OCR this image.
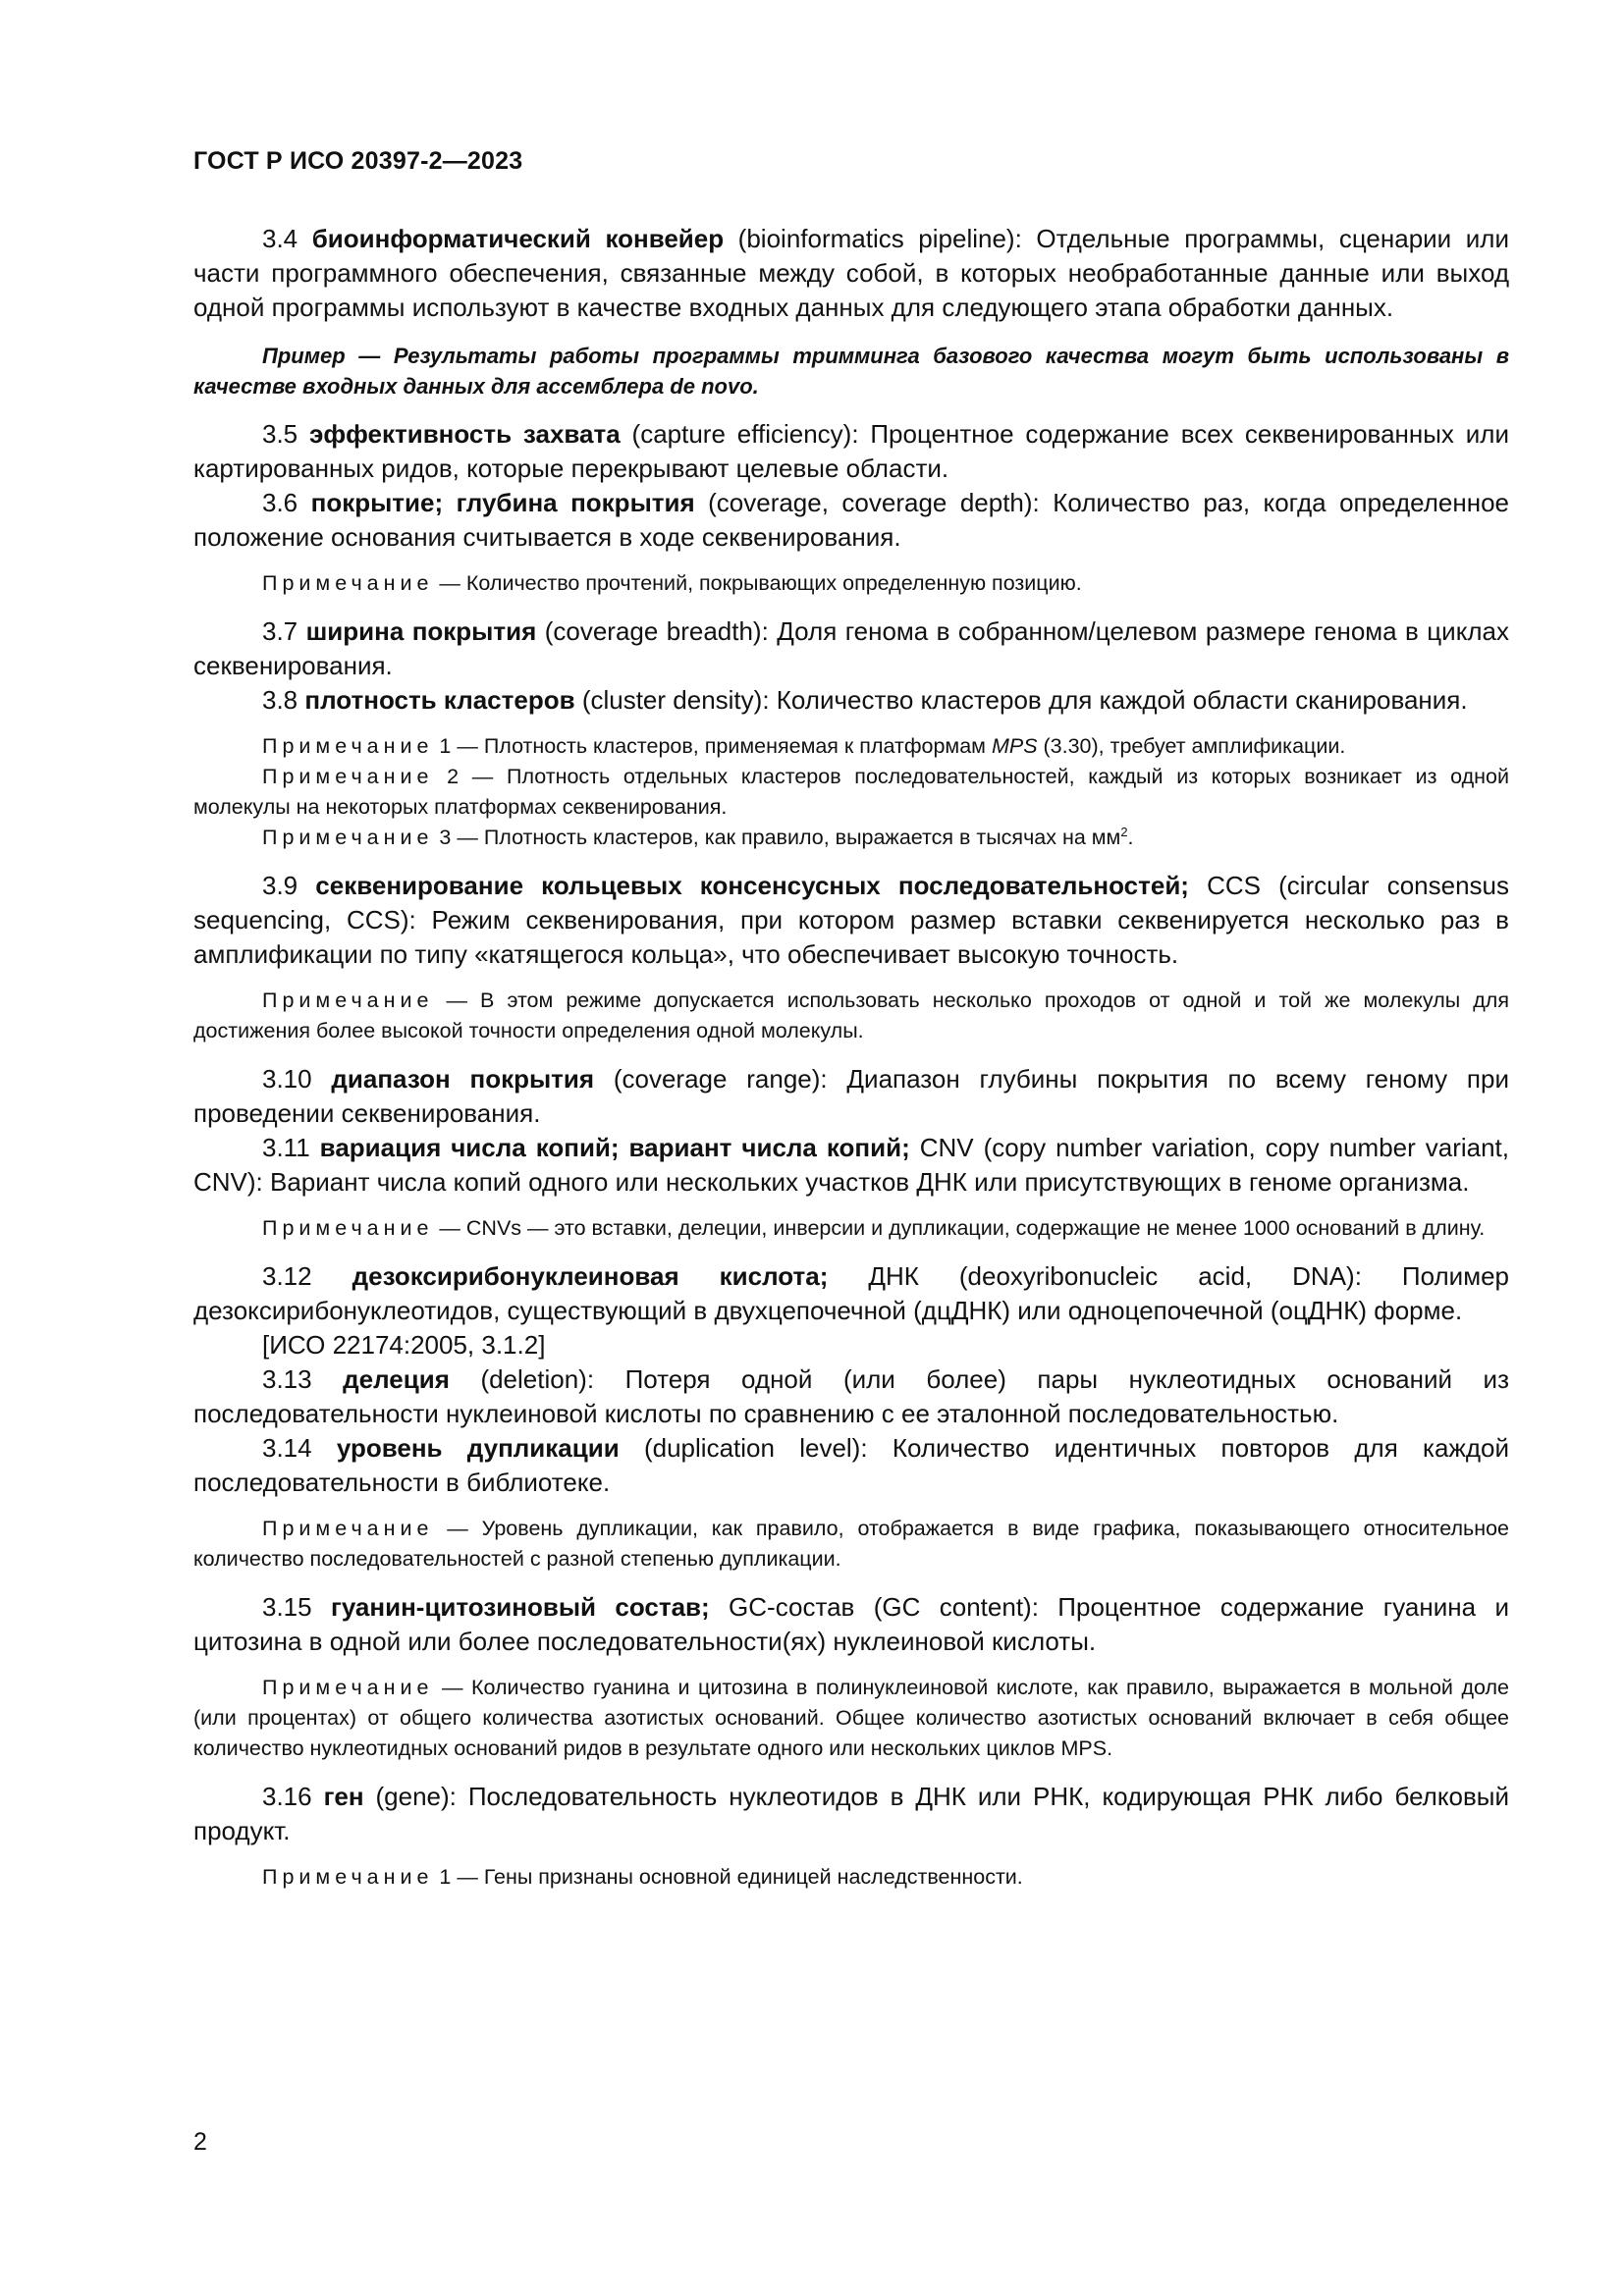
ГОСТ Р ИСО 20397-2—2023

3.4 биоинформатический конвейер (bioinformatics pipeline): Отдельные программы, сценарии или части программного обеспечения, связанные между собой, в которых необработанные данные или выход одной программы используют в качестве входных данных для следующего этапа обработки данных.

Пример — Результаты работы программы тримминга базового качества могут быть использованы в качестве входных данных для ассемблера de novo.

3.5 эффективность захвата (capture efficiency): Процентное содержание всех секвенированных или картированных ридов, которые перекрывают целевые области.

3.6 покрытие; глубина покрытия (coverage, coverage depth): Количество раз, когда определенное положение основания считывается в ходе секвенирования.

Примечание — Количество прочтений, покрывающих определенную позицию.

3.7 ширина покрытия (coverage breadth): Доля генома в собранном/целевом размере генома в циклах секвенирования.

3.8 плотность кластеров (cluster density): Количество кластеров для каждой области сканирования.

Примечание 1 — Плотность кластеров, применяемая к платформам MPS (3.30), требует амплификации.

Примечание 2 — Плотность отдельных кластеров последовательностей, каждый из которых возникает из одной молекулы на некоторых платформах секвенирования.

Примечание 3 — Плотность кластеров, как правило, выражается в тысячах на $мм^2$.

3.9 секвенирование кольцевых консенсусных последовательностей; CCS (circular consensus sequencing, CCS): Режим секвенирования, при котором размер вставки секвенируется несколько раз в амплификации по типу «катящегося кольца», что обеспечивает высокую точность.

Примечание — В этом режиме допускается использовать несколько проходов от одной и той же молекулы для достижения более высокой точности определения одной молекулы.

3.10 диапазон покрытия (coverage range): Диапазон глубины покрытия по всему геному при проведении секвенирования.

3.11 вариация числа копий; вариант числа копий; CNV (copy number variation, copy number variant, CNV): Вариант числа копий одного или нескольких участков ДНК или присутствующих в геноме организма.

Примечание — CNVs — это вставки, делеции, инверсии и дупликации, содержащие не менее 1000 оснований в длину.

3.12 дезоксирибонуклеиновая кислота; ДНК (deoxyribonucleic acid, DNA): Полимер дезоксирибонуклеотидов, существующий в двухцепочечной (дцДНК) или одноцепочечной (оцДНК) форме.

[ИСО 22174:2005, 3.1.2]

3.13 делеция (deletion): Потеря одной (или более) пары нуклеотидных оснований из последовательности нуклеиновой кислоты по сравнению с ее эталонной последовательностью.

3.14 уровень дупликации (duplication level): Количество идентичных повторов для каждой последовательности в библиотеке.

Примечание — Уровень дупликации, как правило, отображается в виде графика, показывающего относительное количество последовательностей с разной степенью дупликации.

3.15 гуанин-цитозиновый состав; GC-состав (GC content): Процентное содержание гуанина и цитозина в одной или более последовательности(ях) нуклеиновой кислоты.

Примечание — Количество гуанина и цитозина в полинуклеиновой кислоте, как правило, выражается в мольной доле (или процентах) от общего количества азотистых оснований. Общее количество азотистых оснований включает в себя общее количество нуклеотидных оснований ридов в результате одного или нескольких циклов MPS.

3.16 ген (gene): Последовательность нуклеотидов в ДНК или РНК, кодирующая РНК либо белковый продукт.

Примечание 1 — Гены признаны основной единицей наследственности.

2
